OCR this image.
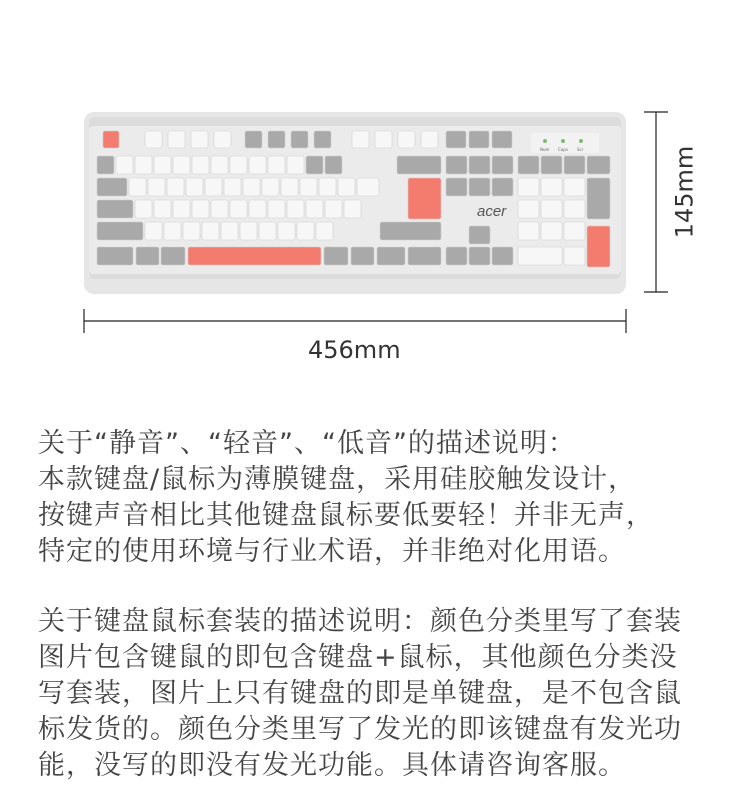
acer
Num Caps Scr
456mm
145mm
关于“静音”、“轻音”、“低音”的描述说明：
本款键盘/鼠标为薄膜键盘，采用硅胶触发设计，
按键声音相比其他键盘鼠标要低要轻！并非无声，
特定的使用环境与行业术语，并非绝对化用语。
关于键盘鼠标套装的描述说明：颜色分类里写了套装
图片包含键鼠的即包含键盘+鼠标，其他颜色分类没
写套装，图片上只有键盘的即是单键盘，是不包含鼠
标发货的。颜色分类里写了发光的即该键盘有发光功
能，没写的即没有发光功能。具体请咨询客服。
